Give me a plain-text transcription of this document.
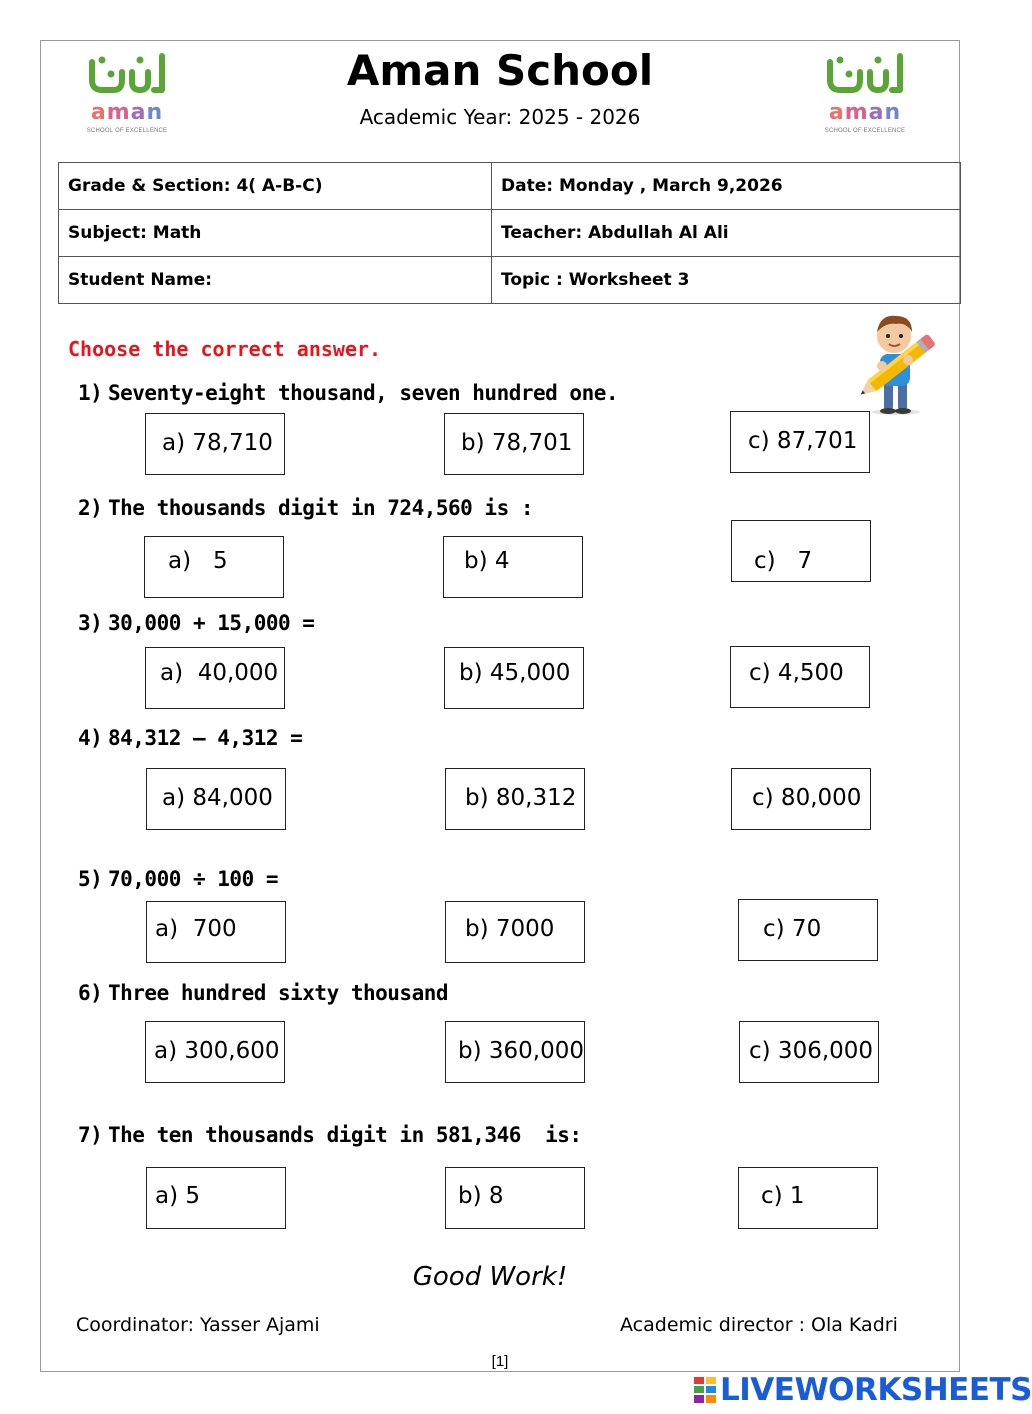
aman
SCHOOL OF EXCELLENCE
aman
SCHOOL OF EXCELLENCE
Aman School
Academic Year: 2025 - 2026
Grade & Section: 4( A-B-C)	Date: Monday , March 9,2026
Subject: Math	Teacher: Abdullah Al Ali
Student Name:	Topic : Worksheet 3
Choose the correct answer.
1) Seventy-eight thousand, seven hundred one.
a) 78,710	b) 78,701	c) 87,701
2) The thousands digit in 724,560 is :
a)   5	b) 4	c)   7
3) 30,000 + 15,000 =
a)  40,000	b) 45,000	c) 4,500
4) 84,312 – 4,312 =
a) 84,000	b) 80,312	c) 80,000
5) 70,000 ÷ 100 =
a)  700	b) 7000	c) 70
6) Three hundred sixty thousand
a) 300,600	b) 360,000	c) 306,000
7) The ten thousands digit in 581,346  is:
a) 5	b) 8	c) 1
Good Work!
Coordinator: Yasser Ajami	Academic director : Ola Kadri
[1]
LIVEWORKSHEETS
